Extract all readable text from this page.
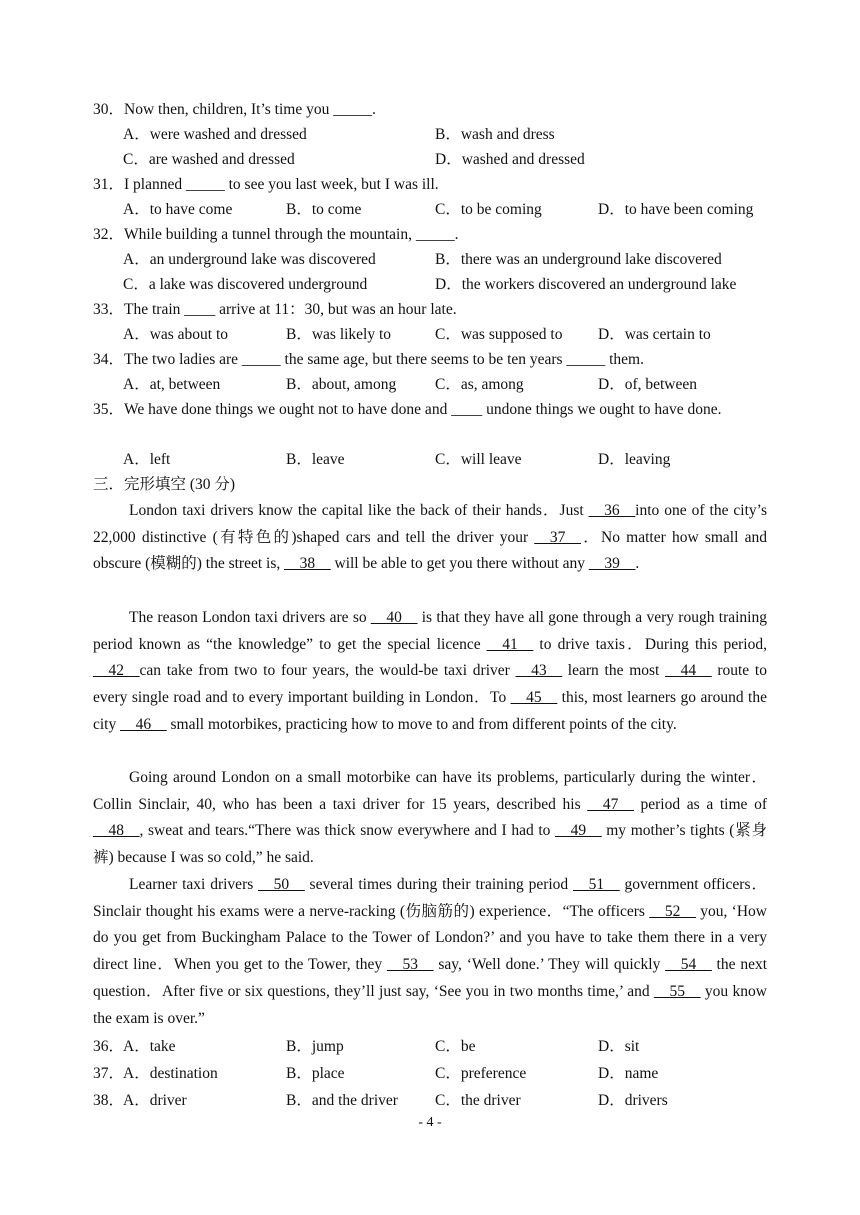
30．Now then, children, It’s time you _____.
A．were washed and dressed	B．wash and dress
C．are washed and dressed	D．washed and dressed
31．I planned _____ to see you last week, but I was ill.
A．to have come	B．to come	C．to be coming	D．to have been coming
32．While building a tunnel through the mountain, _____.
A．an underground lake was discovered	B．there was an underground lake discovered
C．a lake was discovered underground	D．the workers discovered an underground lake
33．The train ____ arrive at 11：30, but was an hour late.
A．was about to	B．was likely to	C．was supposed to D．was certain to
34．The two ladies are _____ the same age, but there seems to be ten years _____ them.
A．at, between	B．about, among	C．as, among	D．of, between
35．We have done things we ought not to have done and ____ undone things we ought to have done.
A．left	B．leave	C．will leave	D．leaving
三．完形填空 (30 分)
London taxi drivers know the capital like the back of their hands．Just __36__into one of the city’s 22,000 distinctive (有特色的)shaped cars and tell the driver your __37__．No matter how small and obscure (模糊的) the street is, __38__ will be able to get you there without any __39__.
The reason London taxi drivers are so __40__ is that they have all gone through a very rough training period known as “the knowledge” to get the special licence __41__ to drive taxis．During this period, __42__can take from two to four years, the would-be taxi driver __43__ learn the most __44__ route to every single road and to every important building in London．To __45__ this, most learners go around the city __46__ small motorbikes, practicing how to move to and from different points of the city.
Going around London on a small motorbike can have its problems, particularly during the winter．Collin Sinclair, 40, who has been a taxi driver for 15 years, described his __47__ period as a time of __48__, sweat and tears.“There was thick snow everywhere and I had to __49__ my mother’s tights (紧身裤) because I was so cold,” he said.
Learner taxi drivers __50__ several times during their training period __51__ government officers．Sinclair thought his exams were a nerve-racking (伤脑筋的) experience．“The officers __52__ you, ‘How do you get from Buckingham Palace to the Tower of London?’ and you have to take them there in a very direct line．When you get to the Tower, they __53__ say, ‘Well done.’ They will quickly __54__ the next question．After five or six questions, they’ll just say, ‘See you in two months time,’ and __55__ you know the exam is over.”
36．
A．take	B．jump	C．be	D．sit
37．
A．destination	B．place	C．preference	D．name
38．
A．driver	B．and the driver C．the driver	D．drivers
- 4 -
